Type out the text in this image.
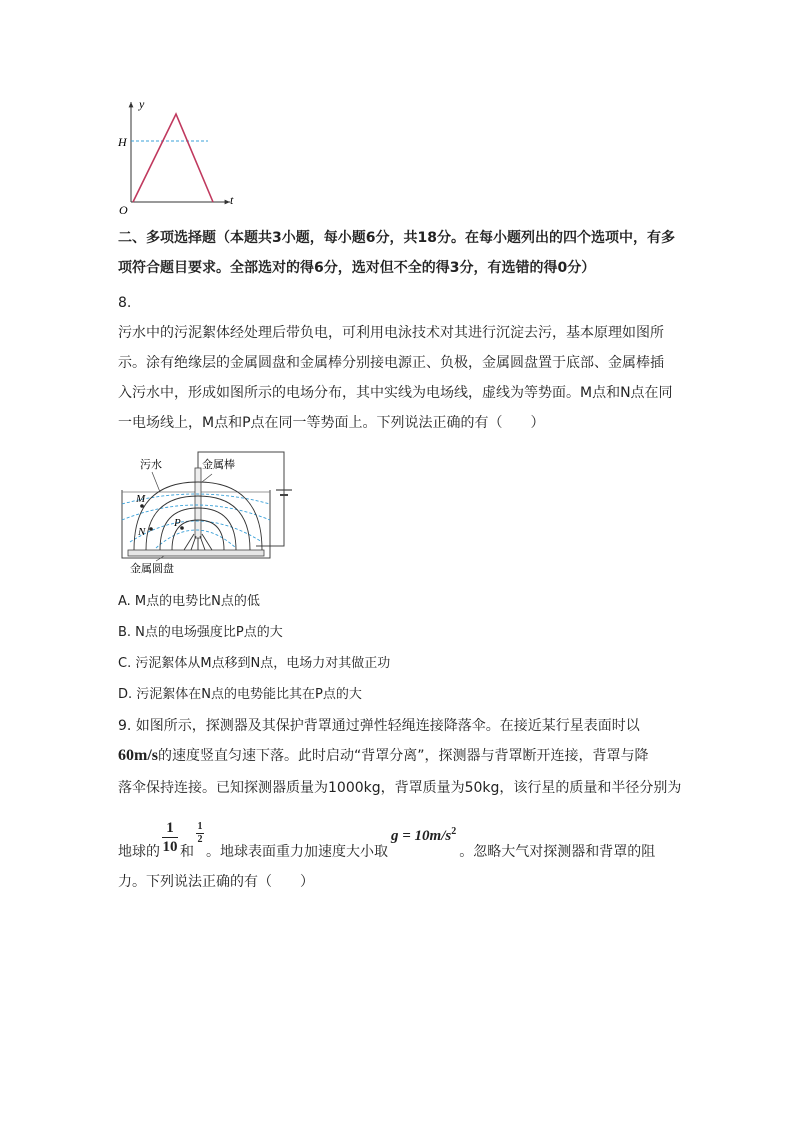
y
H
O
t
二、多项选择题（本题共3小题，每小题6分，共18分。在每小题列出的四个选项中，有多
项符合题目要求。全部选对的得6分，选对但不全的得3分，有选错的得0分）
8.
污水中的污泥絮体经处理后带负电，可利用电泳技术对其进行沉淀去污，基本原理如图所
示。涂有绝缘层的金属圆盘和金属棒分别接电源正、负极，金属圆盘置于底部、金属棒插
入污水中，形成如图所示的电场分布，其中实线为电场线，虚线为等势面。M点和N点在同
一电场线上，M点和P点在同一等势面上。下列说法正确的有（　　）
污水	金属棒
金属圆盘
M
N
P
A. M点的电势比N点的低
B. N点的电场强度比P点的大
C. 污泥絮体从M点移到N点，电场力对其做正功
D. 污泥絮体在N点的电势能比其在P点的大
9. 如图所示，探测器及其保护背罩通过弹性轻绳连接降落伞。在接近某行星表面时以
60m/s的速度竖直匀速下落。此时启动“背罩分离”，探测器与背罩断开连接，背罩与降
落伞保持连接。已知探测器质量为1000kg，背罩质量为50kg，该行星的质量和半径分别为
地球的 $\frac{1}{10}$ 和
$\frac{1}{2}$
。地球表面重力加速度大小取$g = 10m/s^2$。忽略大气对探测器和背罩的阻
力。下列说法正确的有（　　）
